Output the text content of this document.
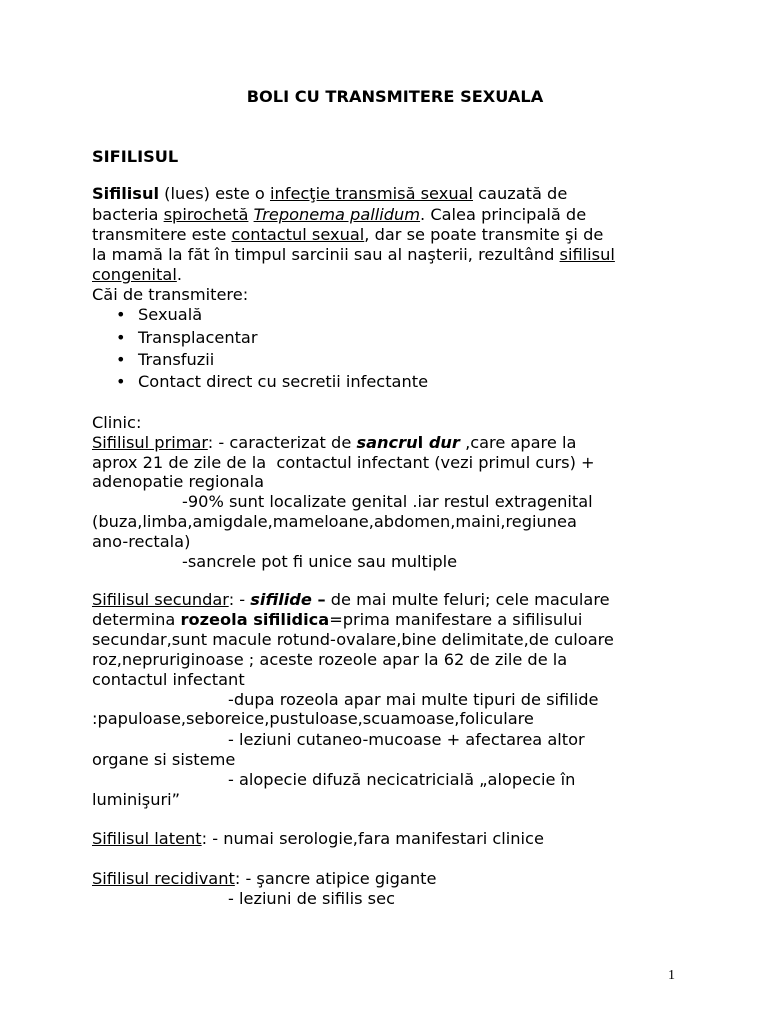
BOLI CU TRANSMITERE SEXUALA
SIFILISUL
Sifilisul (lues) este o infecţie transmisă sexual cauzată de
bacteria spirochetă Treponema pallidum. Calea principală de
transmitere este contactul sexual, dar se poate transmite şi de
la mamă la făt în timpul sarcinii sau al naşterii, rezultând sifilisul
congenital.
Căi de transmitere:
• Sexuală
• Transplacentar
• Transfuzii
• Contact direct cu secretii infectante
Clinic:
Sifilisul primar: - caracterizat de sancrul dur ,care apare la
aprox 21 de zile de la  contactul infectant (vezi primul curs) +
adenopatie regionala
-90% sunt localizate genital .iar restul extragenital
(buza,limba,amigdale,mameloane,abdomen,maini,regiunea
ano-rectala)
-sancrele pot fi unice sau multiple
Sifilisul secundar: - sifilide – de mai multe feluri; cele maculare
determina rozeola sifilidica=prima manifestare a sifilisului
secundar,sunt macule rotund-ovalare,bine delimitate,de culoare
roz,nepruriginoase ; aceste rozeole apar la 62 de zile de la
contactul infectant
-dupa rozeola apar mai multe tipuri de sifilide
:papuloase,seboreice,pustuloase,scuamoase,foliculare
- leziuni cutaneo-mucoase + afectarea altor
organe si sisteme
- alopecie difuză necicatricială „alopecie în
luminişuri”
Sifilisul latent: - numai serologie,fara manifestari clinice
Sifilisul recidivant: - şancre atipice gigante
- leziuni de sifilis sec
1
